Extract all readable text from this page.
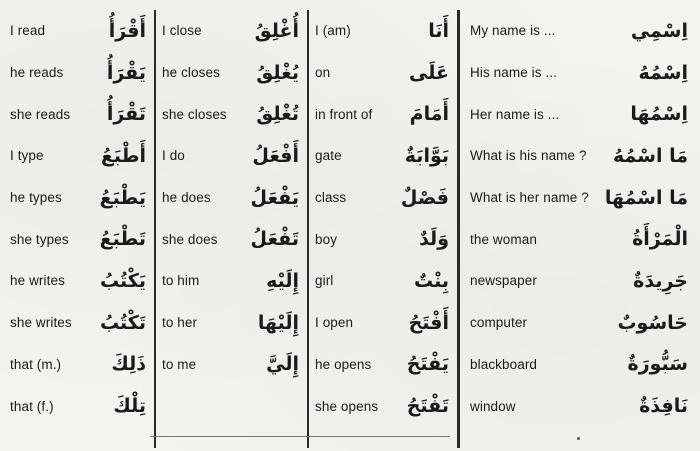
I read	أَقْرَأُ
he reads يَقْرَأُ
she reads تَقْرَأُ
I type	أَطْبَعُ
he types يَطْبَعُ
she types تَطْبَعُ
he writes يَكْتُبُ
she writes تَكْتُبُ
that (m.)	ذَلِكَ
that (f.)	تِلْكَ
I close	أُغْلِقُ
he closes يُغْلِقُ
she closes تُغْلِقُ
I do	أَفْعَلُ
he does يَفْعَلُ
she does تَفْعَلُ
to him	إِلَيْهِ
to her	إِلَيْهَا
to me	إِلَيَّ
I (am)	أَنَا
on	عَلَى
in front of أَمَامَ
gate	بَوَّابَةٌ
class	فَصْلٌ
boy	وَلَدٌ
girl	بِنْتٌ
I open	أَفْتَحُ
he opens يَفْتَحُ
she opens تَفْتَحُ
My name is ...	اِسْمِي
His name is ...	اِسْمُهُ
Her name is ...	اِسْمُهَا
What is his name ? مَا اسْمُهُ
What is her name ? مَا اسْمُهَا
the woman	الْمَرْأَةُ
newspaper	جَرِيدَةٌ
computer	حَاسُوبٌ
blackboard	سَبُّورَةٌ
window	نَافِذَةٌ
